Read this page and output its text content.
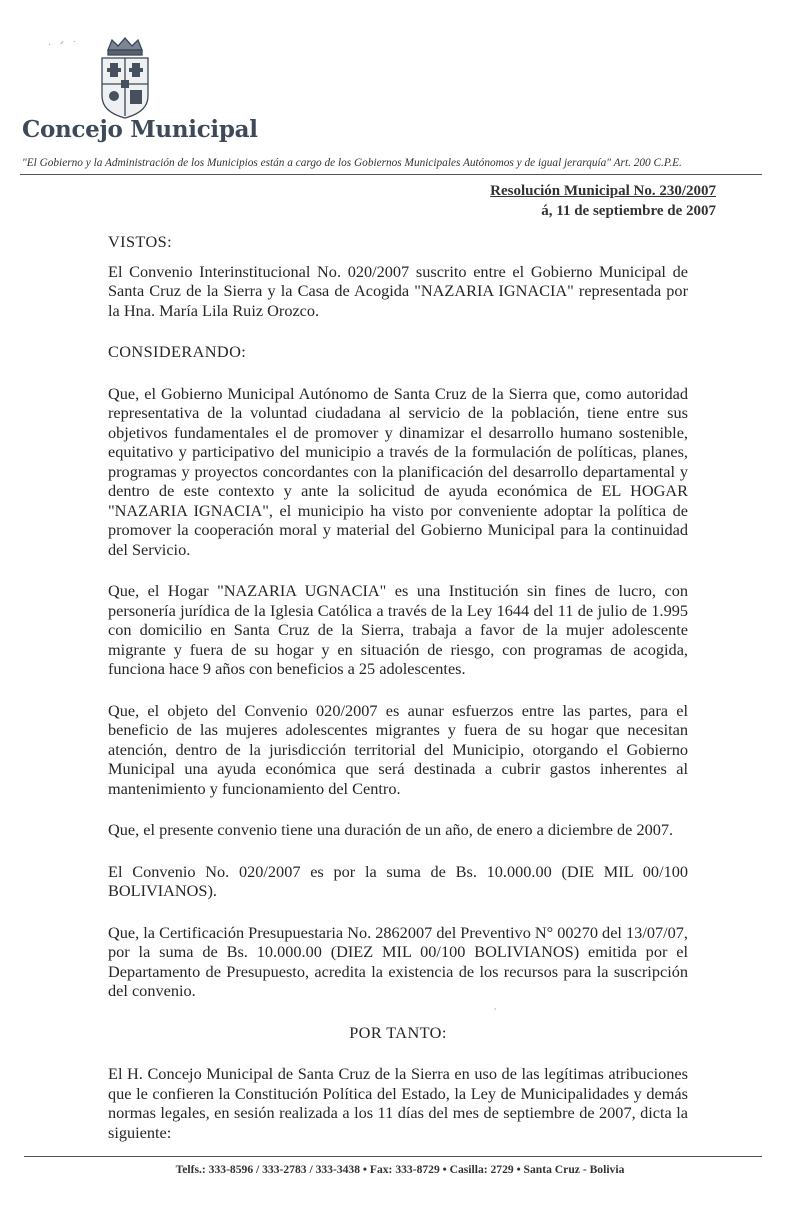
· ᐟ ˙
Concejo Municipal
"El Gobierno y la Administración de los Municipios están a cargo de los Gobiernos Municipales Autónomos y de igual jerarquía" Art. 200 C.P.E.
Resolución Municipal No. 230/2007
á, 11 de septiembre de 2007

VISTOS:

El Convenio Interinstitucional No. 020/2007 suscrito entre el Gobierno Municipal de Santa Cruz de la Sierra y la Casa de Acogida "NAZARIA IGNACIA" representada por la Hna. María Lila Ruiz Orozco.

CONSIDERANDO:

Que, el Gobierno Municipal Autónomo de Santa Cruz de la Sierra que, como autoridad representativa de la voluntad ciudadana al servicio de la población, tiene entre sus objetivos fundamentales el de promover y dinamizar el desarrollo humano sostenible, equitativo y participativo del municipio a través de la formulación de políticas, planes, programas y proyectos concordantes con la planificación del desarrollo departamental y dentro de este contexto y ante la solicitud de ayuda económica de EL HOGAR "NAZARIA IGNACIA", el municipio ha visto por conveniente adoptar la política de promover la cooperación moral y material del Gobierno Municipal para la continuidad del Servicio.

Que, el Hogar "NAZARIA UGNACIA" es una Institución sin fines de lucro, con personería jurídica de la Iglesia Católica a través de la Ley 1644 del 11 de julio de 1.995 con domicilio en Santa Cruz de la Sierra, trabaja a favor de la mujer adolescente migrante y fuera de su hogar y en situación de riesgo, con programas de acogida, funciona hace 9 años con beneficios a 25 adolescentes.

Que, el objeto del Convenio 020/2007 es aunar esfuerzos entre las partes, para el beneficio de las mujeres adolescentes migrantes y fuera de su hogar que necesitan atención, dentro de la jurisdicción territorial del Municipio, otorgando el Gobierno Municipal una ayuda económica que será destinada a cubrir gastos inherentes al mantenimiento y funcionamiento del Centro.

Que, el presente convenio tiene una duración de un año, de enero a diciembre de 2007.

El Convenio No. 020/2007 es por la suma de Bs. 10.000.00 (DIE MIL 00/100 BOLIVIANOS).

Que, la Certificación Presupuestaria No. 2862007 del Preventivo N° 00270 del 13/07/07, por la suma de Bs. 10.000.00 (DIEZ MIL 00/100 BOLIVIANOS) emitida por el Departamento de Presupuesto, acredita la existencia de los recursos para la suscripción del convenio.

POR TANTO:

El H. Concejo Municipal de Santa Cruz de la Sierra en uso de las legítimas atribuciones que le confieren la Constitución Política del Estado, la Ley de Municipalidades y demás normas legales, en sesión realizada a los 11 días del mes de septiembre de 2007, dicta la siguiente:

,
Telfs.: 333-8596 / 333-2783 / 333-3438 • Fax: 333-8729 • Casilla: 2729 • Santa Cruz - Bolivia
